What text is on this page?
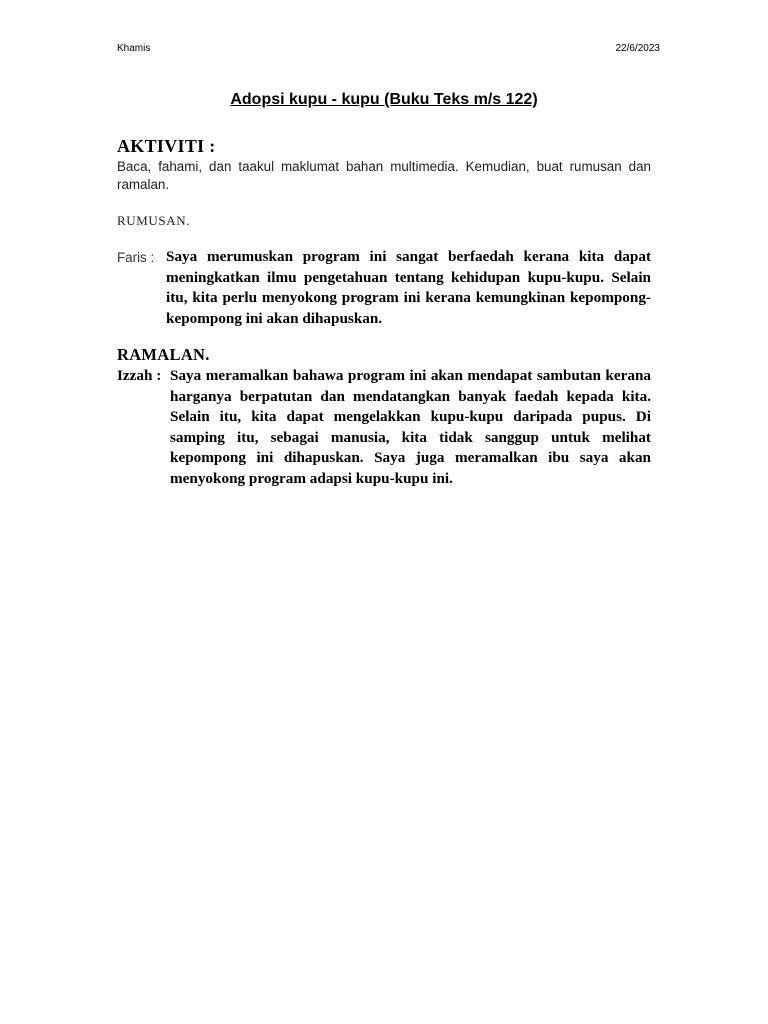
Khamis	22/6/2023
Adopsi kupu - kupu (Buku Teks m/s 122)
AKTIVITI :
Baca, fahami, dan taakul maklumat bahan multimedia. Kemudian, buat rumusan dan ramalan.
RUMUSAN.
Faris : Saya merumuskan program ini sangat berfaedah kerana kita dapat meningkatkan ilmu pengetahuan tentang kehidupan kupu-kupu. Selain itu, kita perlu menyokong program ini kerana kemungkinan kepompong-kepompong ini akan dihapuskan.
RAMALAN.
Izzah : Saya meramalkan bahawa program ini akan mendapat sambutan kerana harganya berpatutan dan mendatangkan banyak faedah kepada kita. Selain itu, kita dapat mengelakkan kupu-kupu daripada pupus. Di samping itu, sebagai manusia, kita tidak sanggup untuk melihat kepompong ini dihapuskan. Saya juga meramalkan ibu saya akan menyokong program adapsi kupu-kupu ini.
